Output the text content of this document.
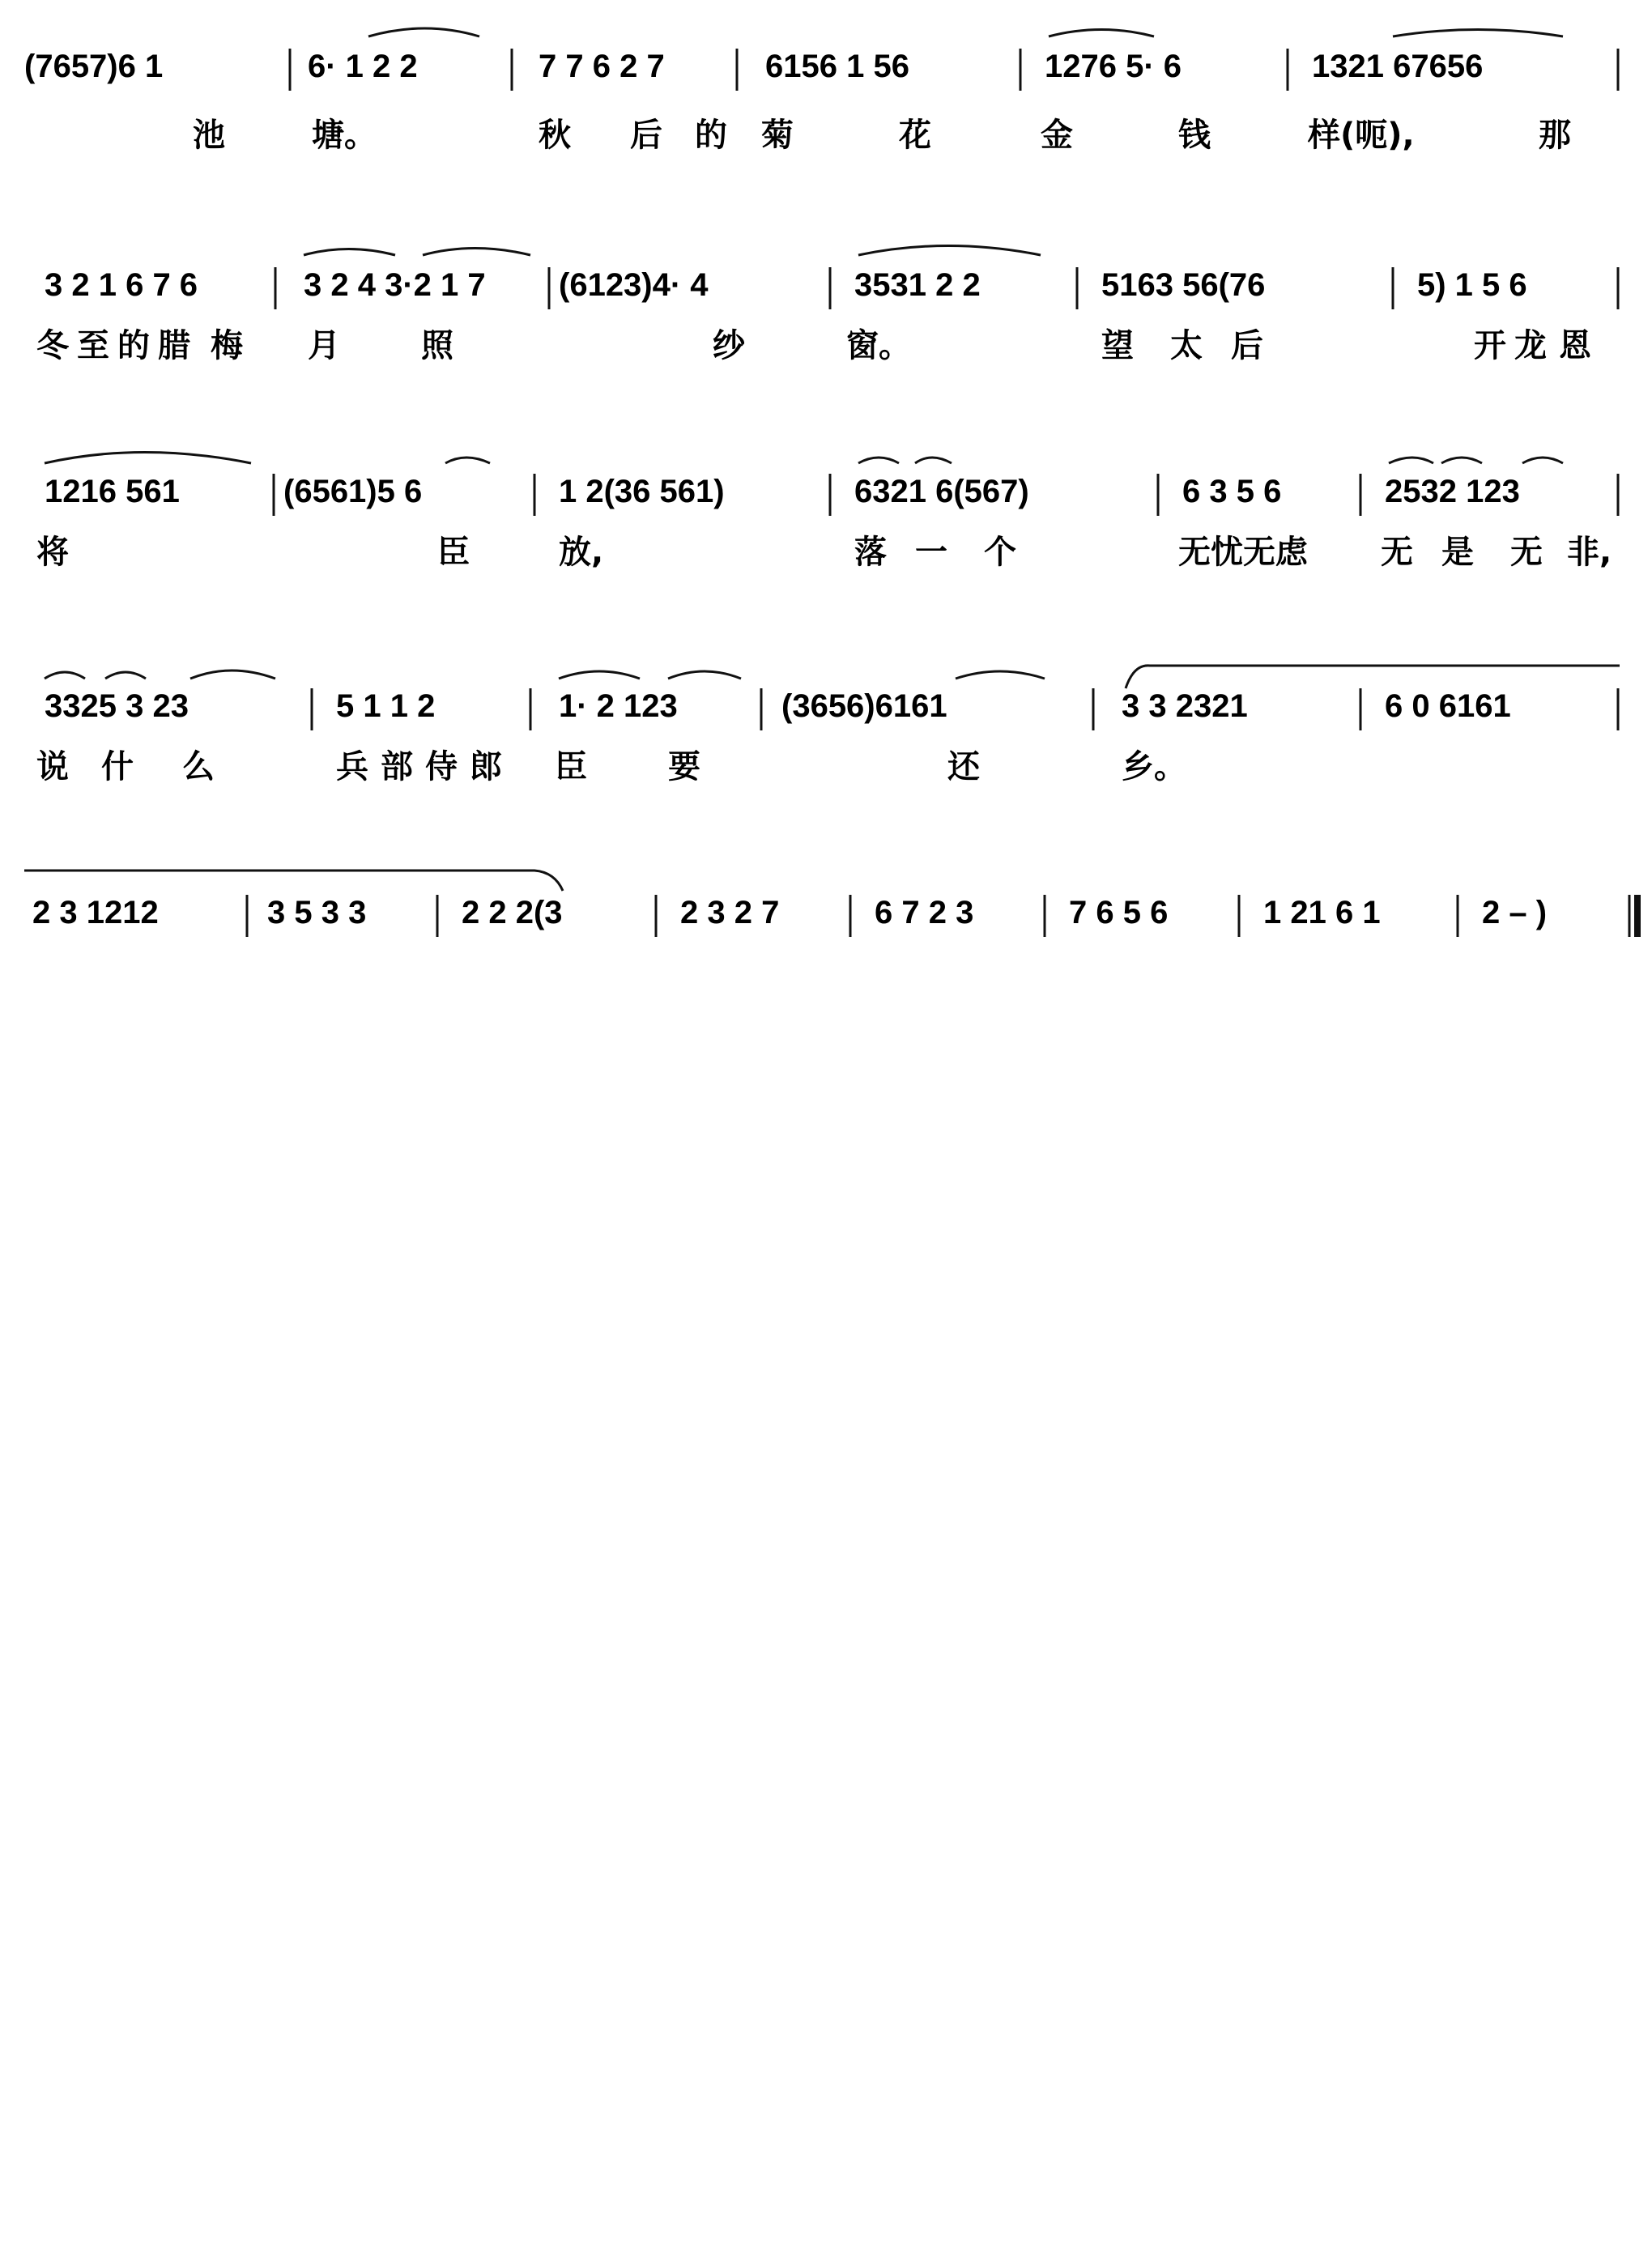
(7657)6 1	6· 1 2 2	7 7 6 2 7	6156 1 56	1276 5· 6	1321 67656
池	塘。	秋 后 的 菊	花	金	钱	样(呃),	那
3 2 1 6 7 6	3 2 4 3·2 1 7 (6123)4· 4	3531 2 2	5163 56(76	5) 1 5 6
冬 至 的 腊 梅 月	照	纱	窗。	望 太 后	开 龙 恩
1216 561	(6561)5 6	1 2(36 561)	6321 6(567)	6 3 5 6	2532 123
将	臣	放,	落 一 个	无忧无虑 无 是 无 非,
3325 3 23	5 1 1 2	1· 2 123	(3656)6161	3 3 2321	6 0 6161
说 什 么	兵 部 侍 郎 臣	要	还	乡。
2 3 1212	3 5 3 3	2 2 2(3	2 3 2 7	6 7 2 3	7 6 5 6	1 21 6 1	2 – )
